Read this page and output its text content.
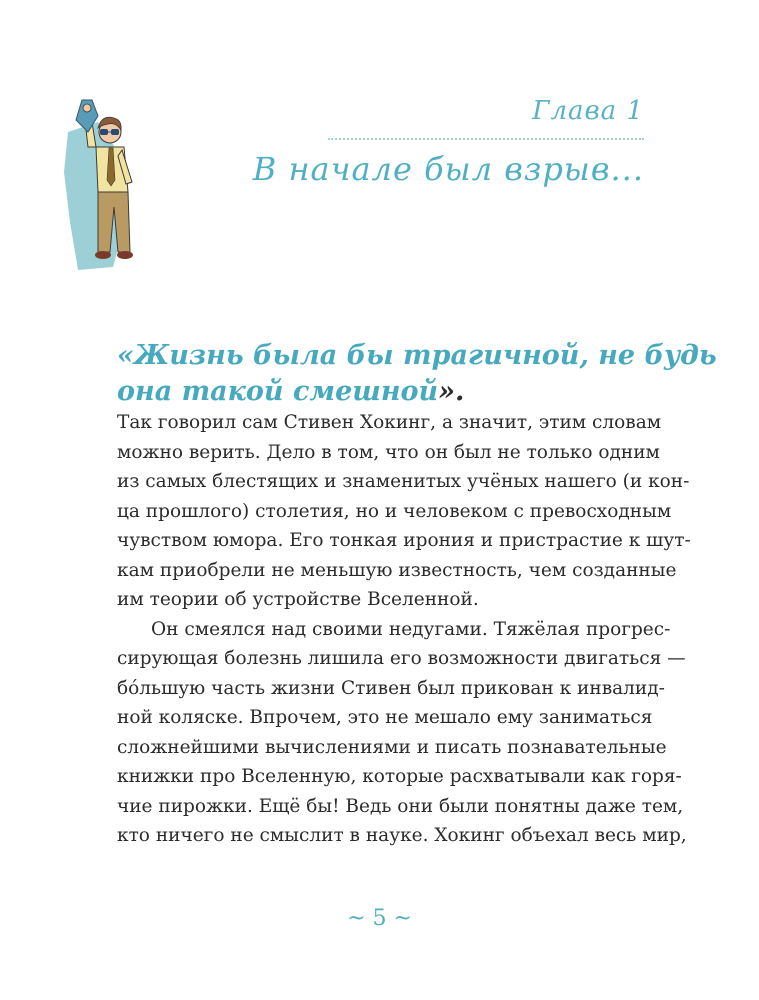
Глава 1
В начале был взрыв...
«Жизнь была бы трагичной, не будь
она такой смешной».
Так говорил сам Стивен Хокинг, а значит, этим словам
можно верить. Дело в том, что он был не только одним
из самых блестящих и знаменитых учёных нашего (и кон-
ца прошлого) столетия, но и человеком с превосходным
чувством юмора. Его тонкая ирония и пристрастие к шут-
кам приобрели не меньшую известность, чем созданные
им теории об устройстве Вселенной.
Он смеялся над своими недугами. Тяжёлая прогрес-
сирующая болезнь лишила его возможности двигаться —
бóльшую часть жизни Стивен был прикован к инвалид-
ной коляске. Впрочем, это не мешало ему заниматься
сложнейшими вычислениями и писать познавательные
книжки про Вселенную, которые расхватывали как горя-
чие пирожки. Ещё бы! Ведь они были понятны даже тем,
кто ничего не смыслит в науке. Хокинг объехал весь мир,
~ 5 ~
